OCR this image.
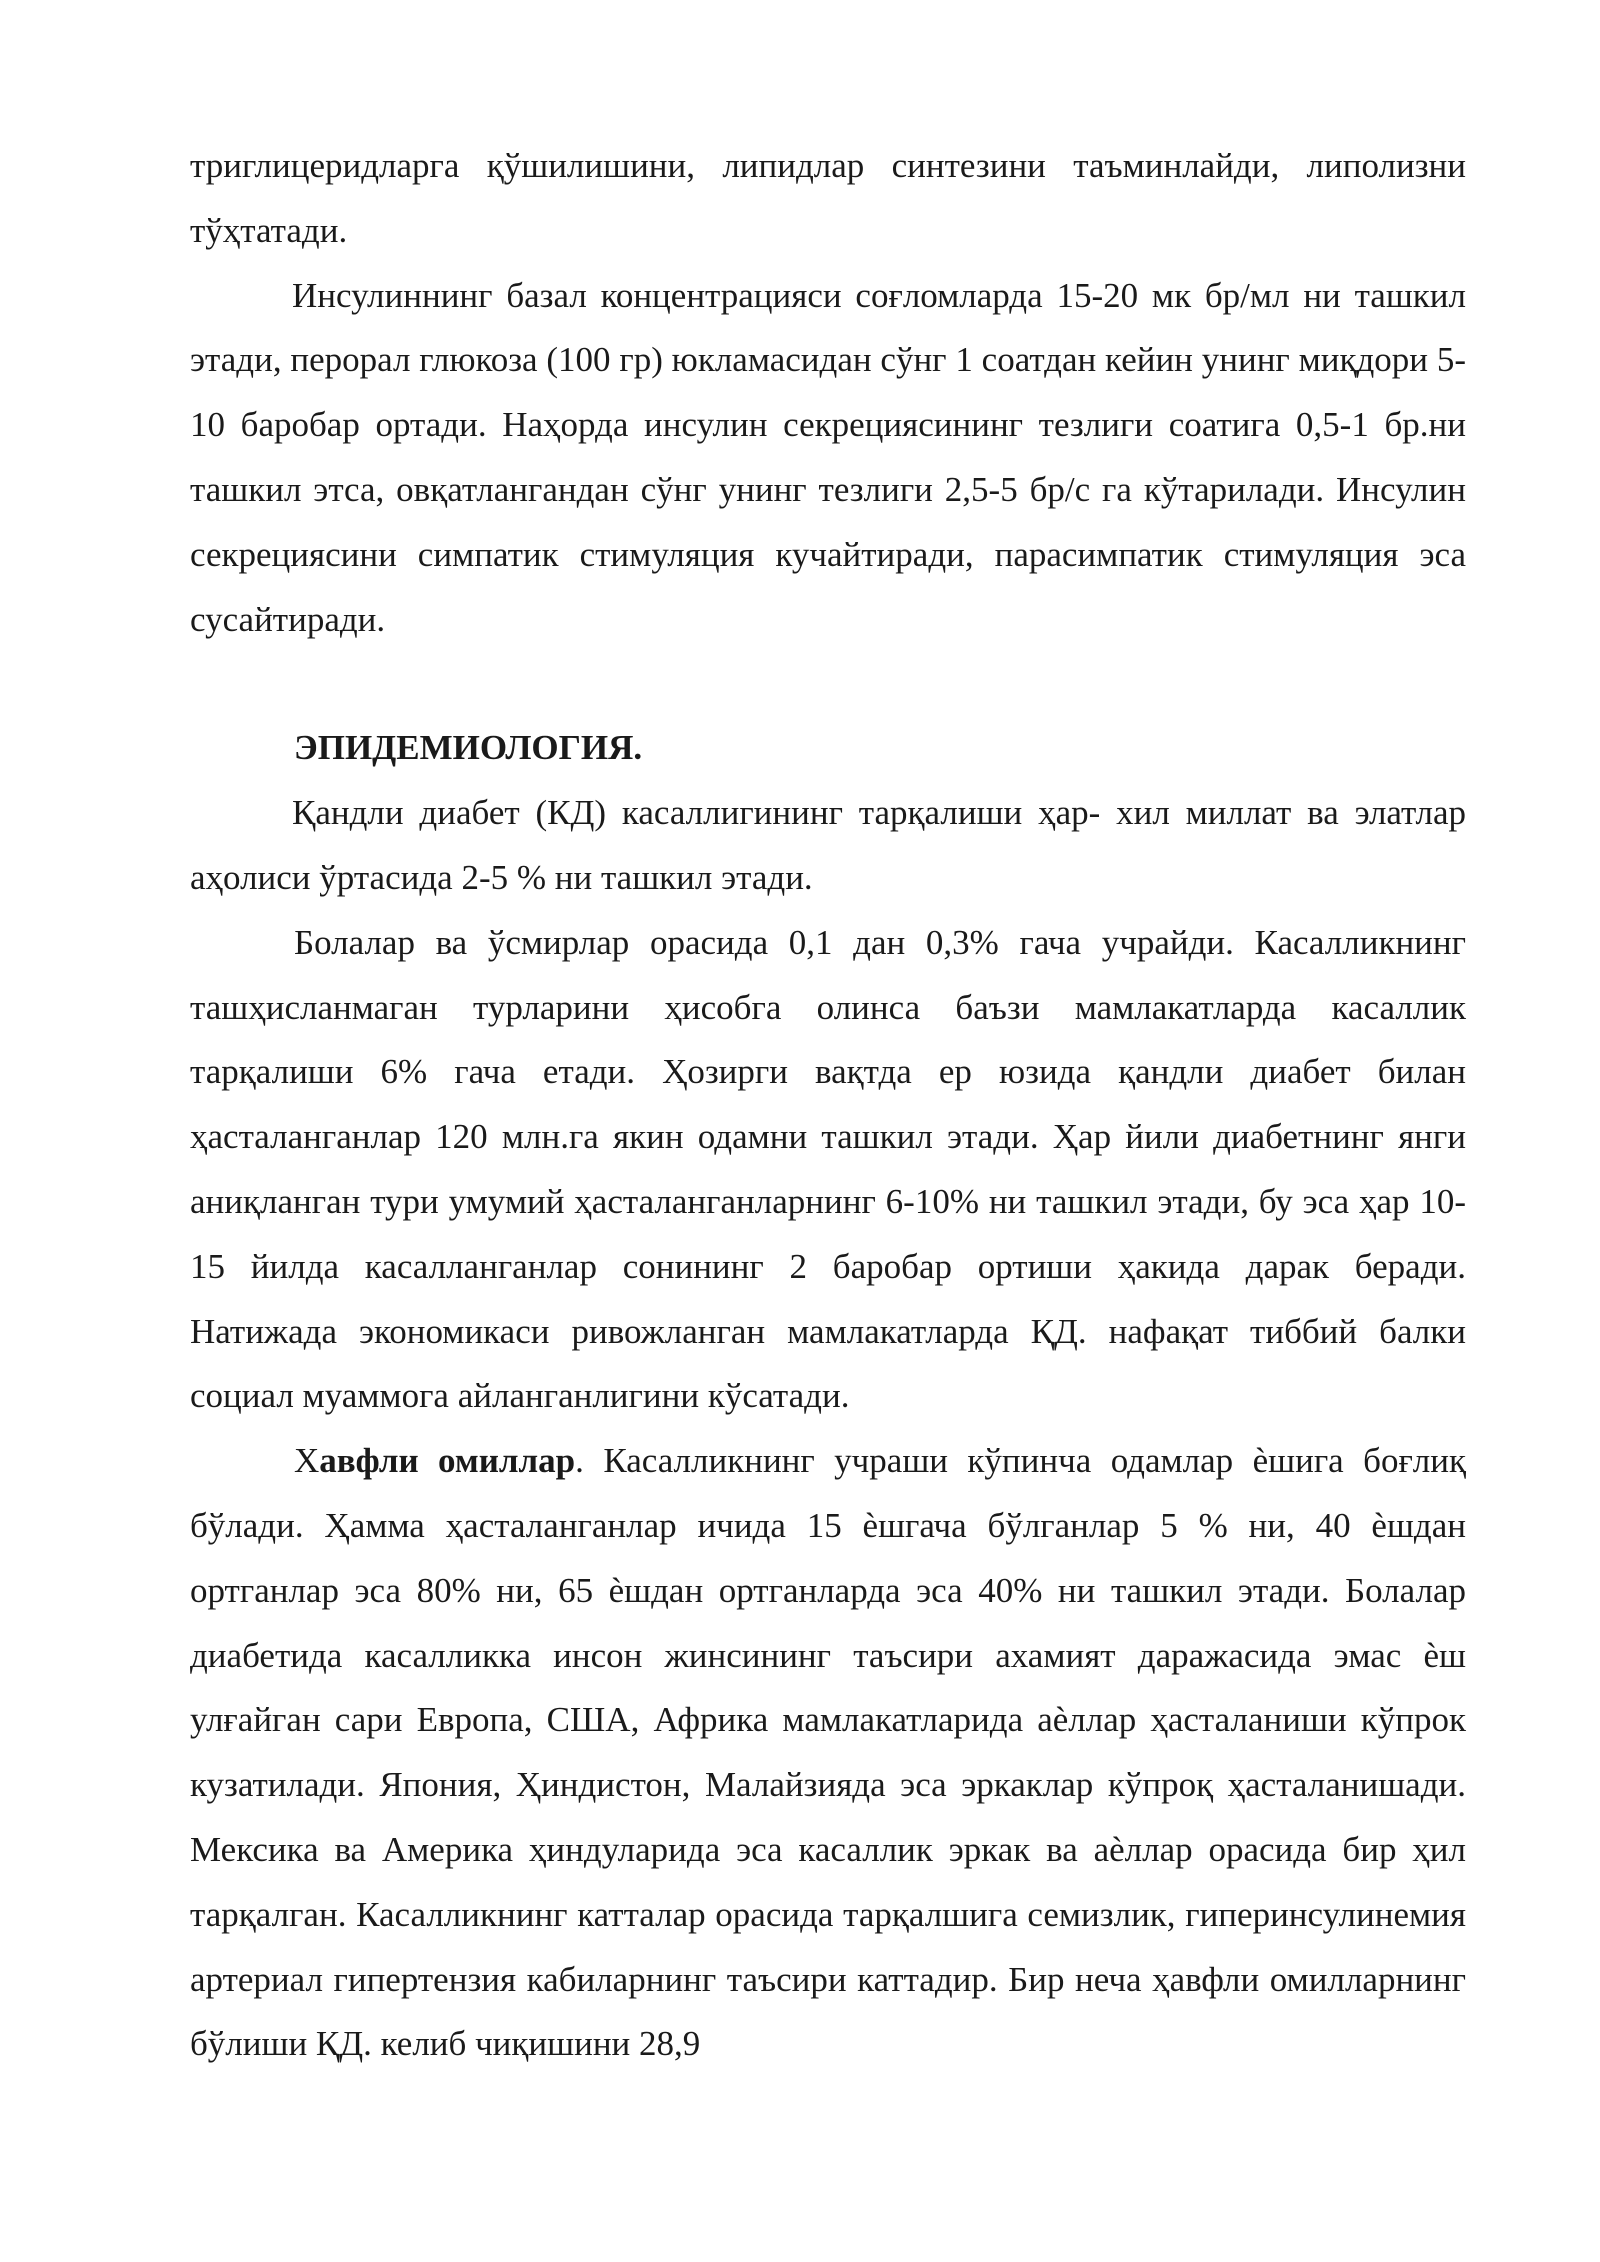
триглицеридларга қўшилишини, липидлар синтезини таъминлайди, липолизни тўҳтатади.

Инсулиннинг базал концентрацияси соғломларда 15-20 мк бр/мл ни ташкил этади, перорал глюкоза (100 гр) юкламасидан сўнг 1 соатдан кейин унинг миқдори 5-10 баробар ортади. Наҳорда инсулин секрециясининг тезлиги соатига 0,5-1 бр.ни ташкил этса, овқатлангандан сўнг унинг тезлиги 2,5-5 бр/с га кўтарилади. Инсулин секрециясини симпатик стимуляция кучайтиради, парасимпатик стимуляция эса сусайтиради.

ЭПИДЕМИОЛОГИЯ.

Қандли диабет (КД) касаллигининг тарқалиши ҳар- хил миллат ва элатлар аҳолиси ўртасида 2-5 % ни ташкил этади.

Болалар ва ўсмирлар орасида 0,1 дан 0,3% гача учрайди. Касалликнинг ташҳисланмаган турларини ҳисобга олинса баъзи мамлакатларда касаллик тарқалиши 6% гача етади. Ҳозирги вақтда ер юзида қандли диабет билан ҳасталанганлар 120 млн.га якин одамни ташкил этади. Ҳар йили диабетнинг янги аниқланган тури умумий ҳасталанганларнинг 6-10% ни ташкил этади, бу эса ҳар 10-15 йилда касалланганлар сонининг 2 баробар ортиши ҳакида дарак беради. Натижада экономикаси ривожланган мамлакатларда ҚД. нафақат тиббий балки социал муаммога айланганлигини кўсатади.

Хавфли омиллар. Касалликнинг учраши кўпинча одамлар ѐшига боғлиқ бўлади. Ҳамма ҳасталанганлар ичида 15 ѐшгача бўлганлар 5 % ни, 40 ѐшдан ортганлар эса 80% ни, 65 ѐшдан ортганларда эса 40% ни ташкил этади. Болалар диабетида касалликка инсон жинсининг таъсири ахамият даражасида эмас ѐш улғайган сари Европа, США, Африка мамлакатларида аѐллар ҳасталаниши кўпрок кузатилади. Япония, Ҳиндистон, Малайзияда эса эркаклар кўпроқ ҳасталанишади. Мексика ва Америка ҳиндуларида эса касаллик эркак ва аѐллар орасида бир ҳил тарқалган. Касалликнинг катталар орасида тарқалшига семизлик, гиперинсулинемия артериал гипертензия кабиларнинг таъсири каттадир. Бир неча ҳавфли омилларнинг бўлиши ҚД. келиб чиқишини 28,9
